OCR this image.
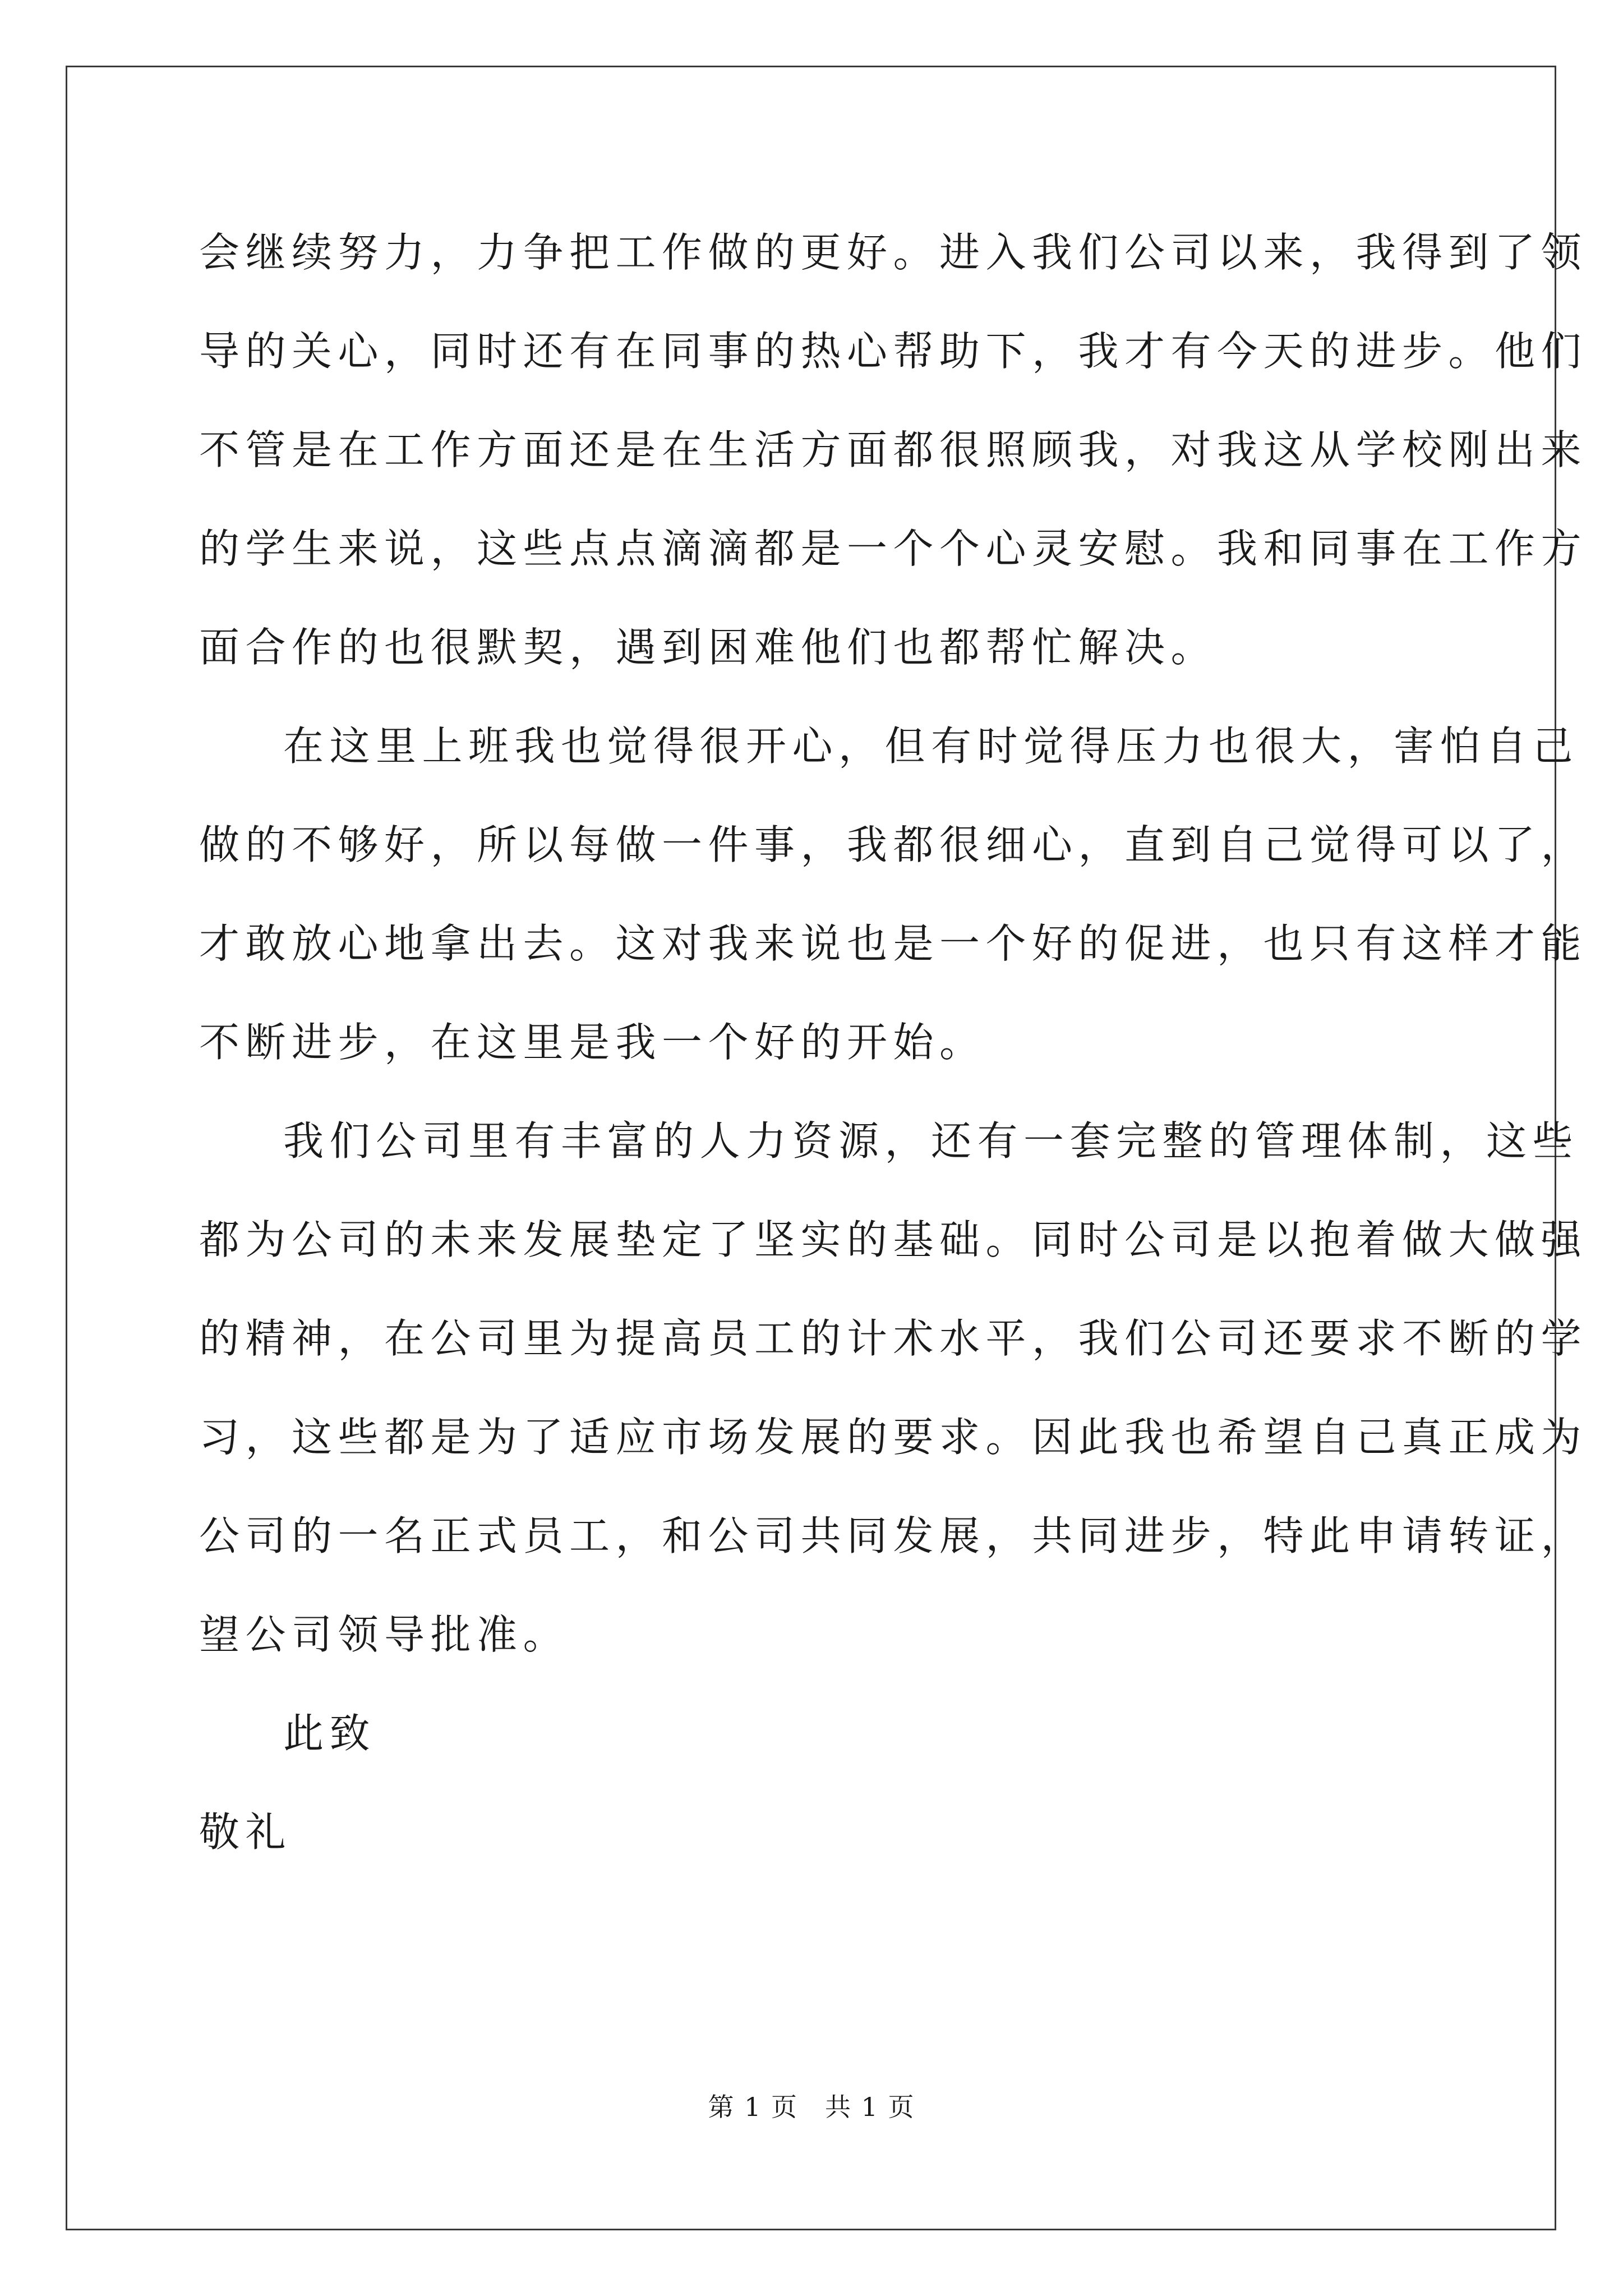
会继续努力，力争把工作做的更好。进入我们公司以来，我得到了领
导的关心，同时还有在同事的热心帮助下，我才有今天的进步。他们
不管是在工作方面还是在生活方面都很照顾我，对我这从学校刚出来
的学生来说，这些点点滴滴都是一个个心灵安慰。我和同事在工作方
面合作的也很默契，遇到困难他们也都帮忙解决。
在这里上班我也觉得很开心，但有时觉得压力也很大，害怕自己
做的不够好，所以每做一件事，我都很细心，直到自己觉得可以了，
才敢放心地拿出去。这对我来说也是一个好的促进，也只有这样才能
不断进步，在这里是我一个好的开始。
我们公司里有丰富的人力资源，还有一套完整的管理体制，这些
都为公司的未来发展垫定了坚实的基础。同时公司是以抱着做大做强
的精神，在公司里为提高员工的计术水平，我们公司还要求不断的学
习，这些都是为了适应市场发展的要求。因此我也希望自己真正成为
公司的一名正式员工，和公司共同发展，共同进步，特此申请转证，
望公司领导批准。
此致
敬礼
第 1 页　共 1 页
